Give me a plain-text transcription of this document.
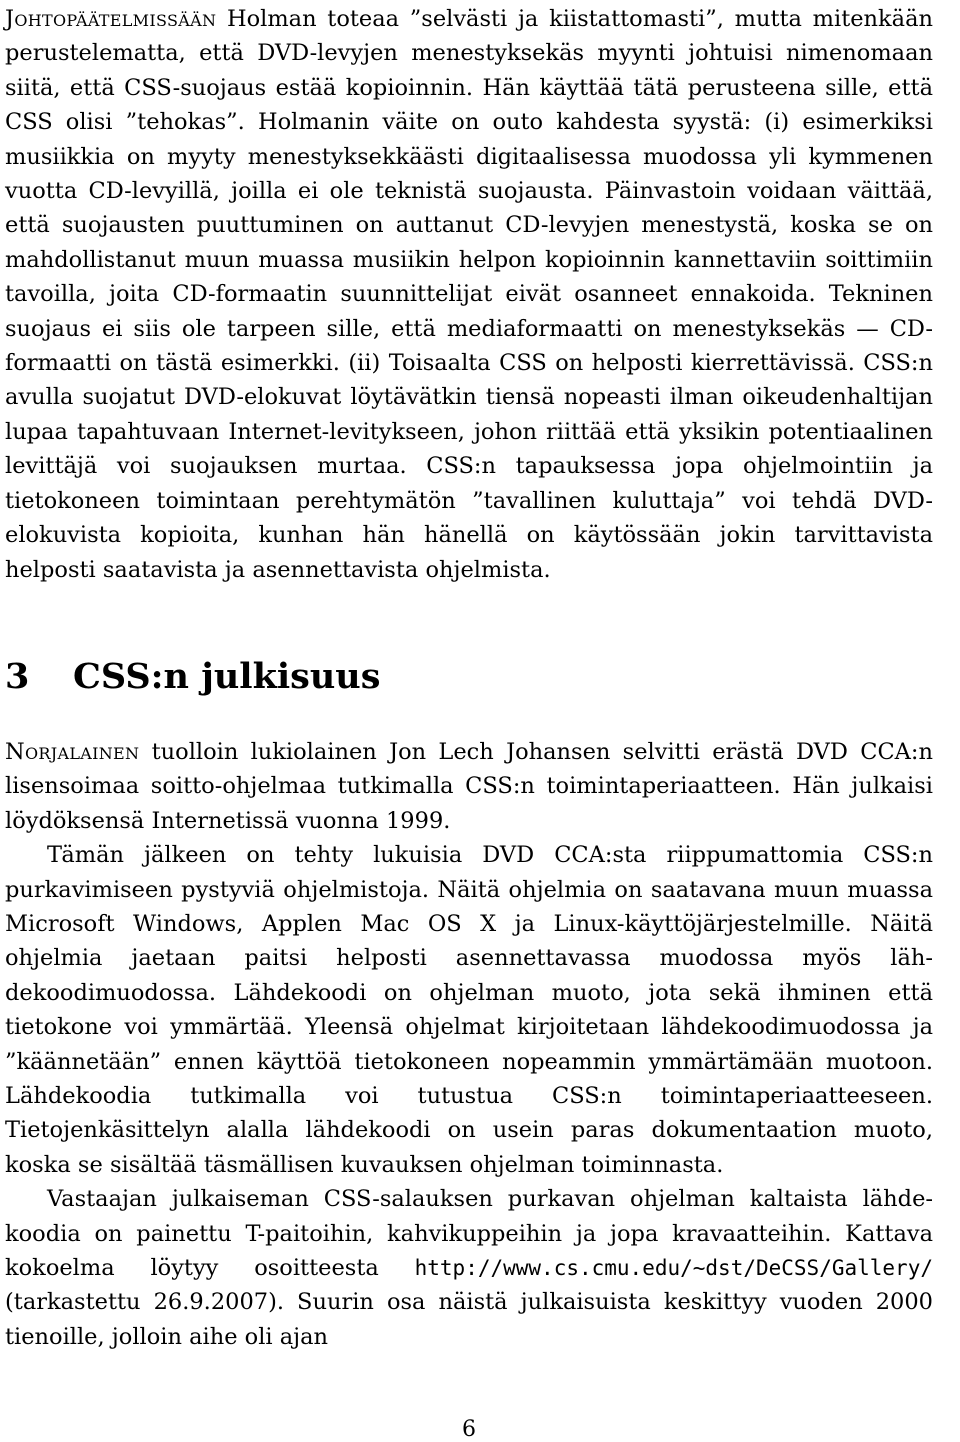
Johtopäätelmissään Holman toteaa ”selvästi ja kiistattomasti”, mutta mitenkään perustelematta, että DVD-levyjen menestyksekäs myynti johtuisi nimenomaan siitä, että CSS-suojaus estää kopioinnin. Hän käyttää tätä perusteena sille, että CSS olisi ”tehokas”. Holmanin väite on outo kahdesta syystä: (i) esimerkiksi musiikkia on myyty menestyksekkäästi digitaalisessa muodossa yli kymmenen vuotta CD-levyillä, joilla ei ole teknistä suojausta. Päinvastoin voidaan väittää, että suojausten puuttuminen on auttanut CD-levyjen menestystä, koska se on mahdollistanut muun muassa musiikin helpon kopioinnin kannettaviin soittimiin tavoilla, joita CD-formaatin suunnittelijat eivät osanneet ennakoida. Tekninen suojaus ei siis ole tarpeen sille, että mediaformaatti on menestyksekäs — CD-formaatti on tästä esimerkki. (ii) Toisaalta CSS on helposti kierrettävissä. CSS:n avulla suojatut DVD-elokuvat löytävätkin tiensä nopeasti ilman oikeudenhaltijan lupaa tapahtuvaan Internet-levitykseen, johon riittää että yksikin potentiaalinen levittäjä voi suojauksen murtaa. CSS:n tapauksessa jopa ohjelmointiin ja tietokoneen toimintaan perehtymätön ”tavallinen kuluttaja” voi tehdä DVD-elokuvista kopioita, kunhan hän hänellä on käytössään jokin tarvittavista helposti saatavista ja asennettavista ohjelmista.

3 CSS:n julkisuus

Norjalainen tuolloin lukiolainen Jon Lech Johansen selvitti erästä DVD CCA:n lisensoimaa soitto-ohjelmaa tutkimalla CSS:n toimintaperiaatteen. Hän julkaisi löydöksensä Internetissä vuonna 1999.

Tämän jälkeen on tehty lukuisia DVD CCA:sta riippumattomia CSS:n purkavimiseen pystyviä ohjelmistoja. Näitä ohjelmia on saatavana muun muassa Microsoft Windows, Applen Mac OS X ja Linux-käyttöjärjestelmille. Näitä ohjelmia jaetaan paitsi helposti asennettavassa muodossa myös lähdekoodimuodossa. Lähdekoodi on ohjelman muoto, jota sekä ihminen että tietokone voi ymmärtää. Yleensä ohjelmat kirjoitetaan lähdekoodimuodossa ja ”käännetään” ennen käyttöä tietokoneen nopeammin ymmärtämään muotoon. Lähdekoodia tutkimalla voi tutustua CSS:n toimintaperiaatteeseen. Tietojenkäsittelyn alalla lähdekoodi on usein paras dokumentaation muoto, koska se sisältää täsmällisen kuvauksen ohjelman toiminnasta.

Vastaajan julkaiseman CSS-salauksen purkavan ohjelman kaltaista lähdekoodia on painettu T-paitoihin, kahvikuppeihin ja jopa kravaatteihin. Kattava kokoelma löytyy osoitteesta http://www.cs.cmu.edu/~dst/DeCSS/Gallery/ (tarkastettu 26.9.2007). Suurin osa näistä julkaisuista keskittyy vuoden 2000 tienoille, jolloin aihe oli ajan

6
